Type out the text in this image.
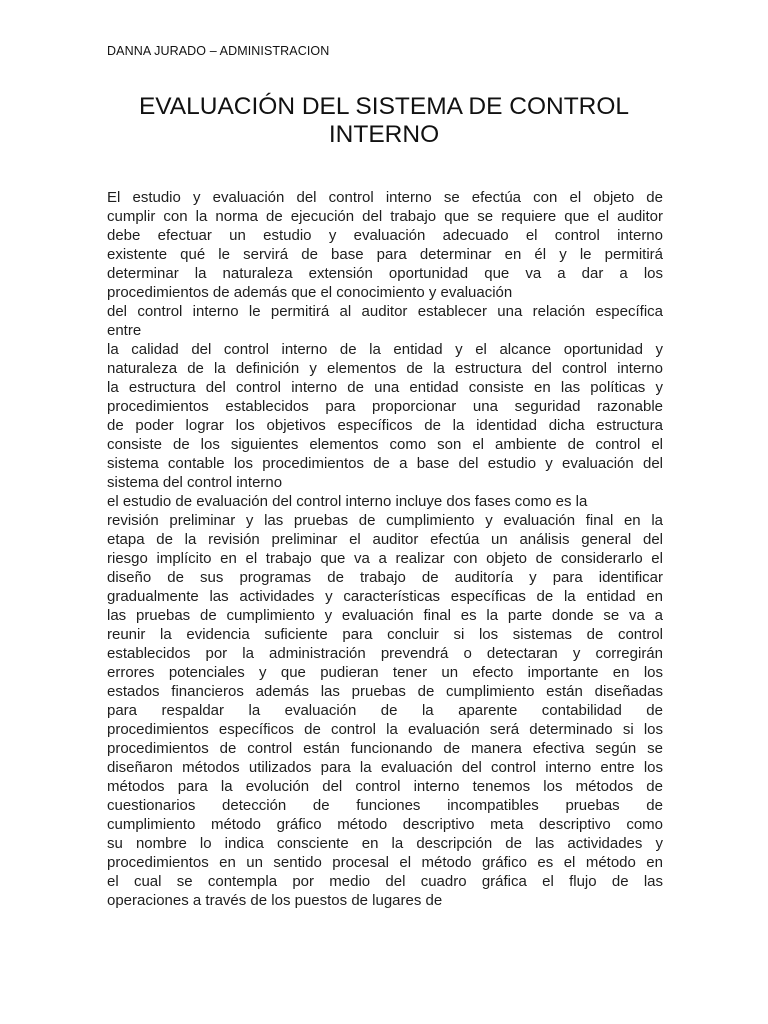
DANNA JURADO – ADMINISTRACION
EVALUACIÓN DEL SISTEMA DE CONTROL
INTERNO
El estudio y evaluación del control interno se efectúa con el objeto de
cumplir con la norma de ejecución del trabajo que se requiere que el auditor
debe efectuar un estudio y evaluación adecuado el control interno
existente qué le servirá de base para determinar en él y le permitirá
determinar la naturaleza extensión oportunidad que va a dar a los
procedimientos de además que el conocimiento y evaluación
del control interno le permitirá al auditor establecer una relación específica
entre
la calidad del control interno de la entidad y el alcance oportunidad y
naturaleza de la definición y elementos de la estructura del control interno
la estructura del control interno de una entidad consiste en las políticas y
procedimientos establecidos para proporcionar una seguridad razonable
de poder lograr los objetivos específicos de la identidad dicha estructura
consiste de los siguientes elementos como son el ambiente de control el
sistema contable los procedimientos de a base del estudio y evaluación del
sistema del control interno
el estudio de evaluación del control interno incluye dos fases como es la
revisión preliminar y las pruebas de cumplimiento y evaluación final en la
etapa de la revisión preliminar el auditor efectúa un análisis general del
riesgo implícito en el trabajo que va a realizar con objeto de considerarlo el
diseño de sus programas de trabajo de auditoría y para identificar
gradualmente las actividades y características específicas de la entidad en
las pruebas de cumplimiento y evaluación final es la parte donde se va a
reunir la evidencia suficiente para concluir si los sistemas de control
establecidos por la administración prevendrá o detectaran y corregirán
errores potenciales y que pudieran tener un efecto importante en los
estados financieros además las pruebas de cumplimiento están diseñadas
para respaldar la evaluación de la aparente contabilidad de
procedimientos específicos de control la evaluación será determinado si los
procedimientos de control están funcionando de manera efectiva según se
diseñaron métodos utilizados para la evaluación del control interno entre los
métodos para la evolución del control interno tenemos los métodos de
cuestionarios detección de funciones incompatibles pruebas de
cumplimiento método gráfico método descriptivo meta descriptivo como
su nombre lo indica consciente en la descripción de las actividades y
procedimientos en un sentido procesal el método gráfico es el método en
el cual se contempla por medio del cuadro gráfica el flujo de las
operaciones a través de los puestos de lugares de
